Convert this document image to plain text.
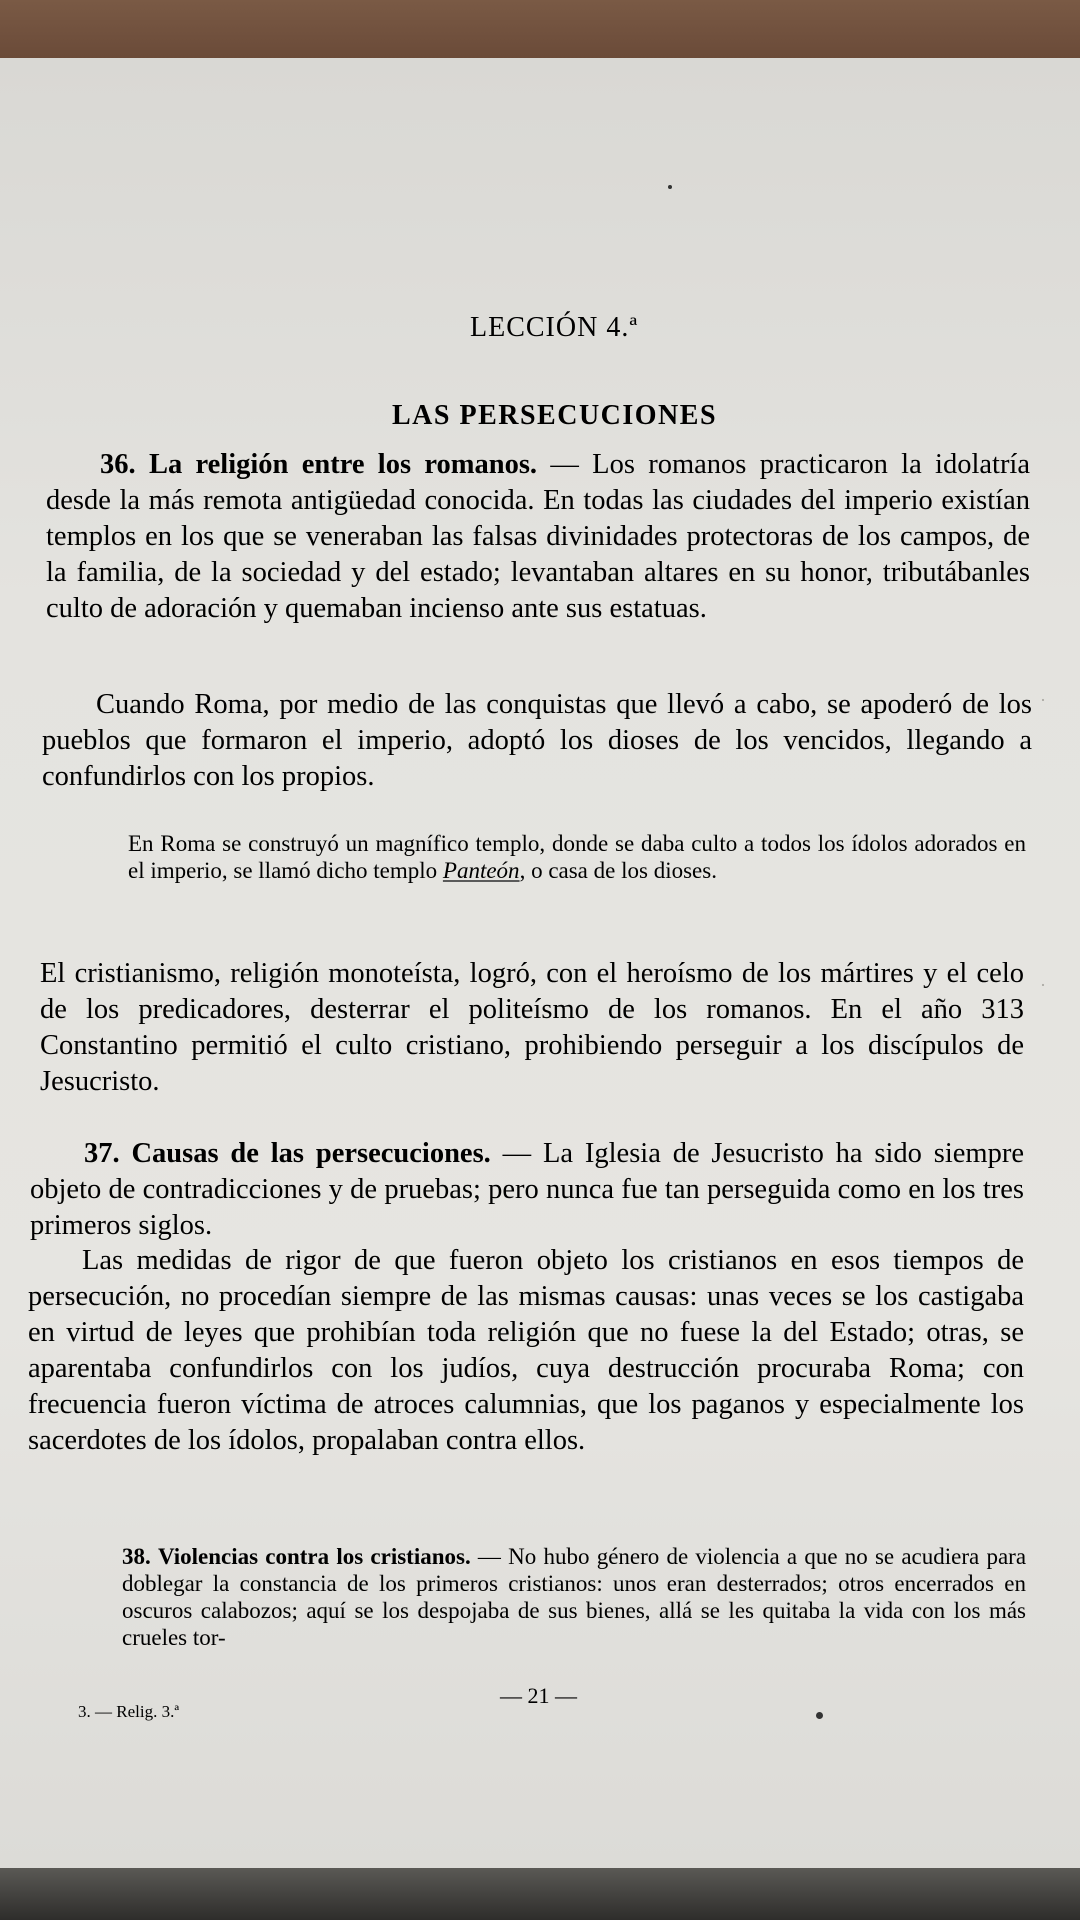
·
·
LECCIÓN 4.ª
LAS PERSECUCIONES

36. La religión entre los romanos. — Los romanos practicaron la idolatría desde la más remota antigüedad conocida. En todas las ciudades del imperio existían templos en los que se veneraban las falsas divinidades protectoras de los campos, de la familia, de la sociedad y del estado; levantaban altares en su honor, tributábanles culto de adoración y quemaban incienso ante sus estatuas.

Cuando Roma, por medio de las conquistas que llevó a cabo, se apoderó de los pueblos que formaron el imperio, adoptó los dioses de los vencidos, llegando a confundirlos con los propios.

En Roma se construyó un magnífico templo, donde se daba culto a todos los ídolos adorados en el imperio, se llamó dicho templo Panteón, o casa de los dioses.

El cristianismo, religión monoteísta, logró, con el heroísmo de los mártires y el celo de los predicadores, desterrar el politeísmo de los romanos. En el año 313 Constantino permitió el culto cristiano, prohibiendo perseguir a los discípulos de Jesucristo.

37. Causas de las persecuciones. — La Iglesia de Jesucristo ha sido siempre objeto de contradicciones y de pruebas; pero nunca fue tan perseguida como en los tres primeros siglos.

Las medidas de rigor de que fueron objeto los cristianos en esos tiempos de persecución, no procedían siempre de las mismas causas: unas veces se los castigaba en virtud de leyes que prohibían toda religión que no fuese la del Estado; otras, se aparentaba confundirlos con los judíos, cuya destrucción procuraba Roma; con frecuencia fueron víctima de atroces calumnias, que los paganos y especialmente los sacerdotes de los ídolos, propalaban contra ellos.

38. Violencias contra los cristianos. — No hubo género de violencia a que no se acudiera para doblegar la constancia de los primeros cristianos: unos eran desterrados; otros encerrados en oscuros calabozos; aquí se los despojaba de sus bienes, allá se les quitaba la vida con los más crueles tor-

3. — Relig. 3.ª
— 21 —
